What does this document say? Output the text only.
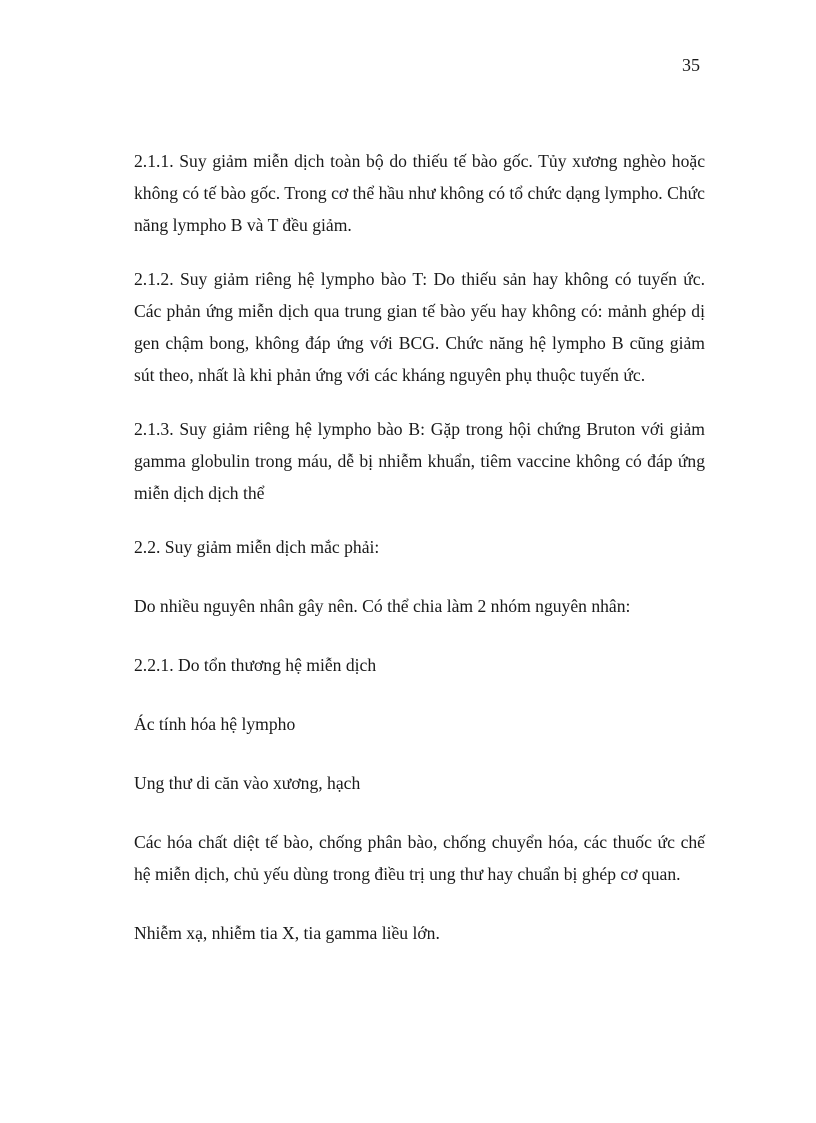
35

2.1.1. Suy giảm miễn dịch toàn bộ do thiếu tế bào gốc. Tủy xương nghèo hoặc không có tế bào gốc. Trong cơ thể hầu như không có tổ chức dạng lympho. Chức năng lympho B và T đều giảm.

2.1.2. Suy giảm riêng hệ lympho bào T: Do thiếu sản hay không có tuyến ức. Các phản ứng miễn dịch qua trung gian tế bào yếu hay không có: mảnh ghép dị gen chậm bong, không đáp ứng với BCG. Chức năng hệ lympho B cũng giảm sút theo, nhất là khi phản ứng với các kháng nguyên phụ thuộc tuyến ức.

2.1.3. Suy giảm riêng hệ lympho bào B: Gặp trong hội chứng Bruton với giảm gamma globulin trong máu, dễ bị nhiễm khuẩn, tiêm vaccine không có đáp ứng miễn dịch dịch thể

2.2. Suy giảm miễn dịch mắc phải:

Do nhiều nguyên nhân gây nên. Có thể chia làm 2 nhóm nguyên nhân:

2.2.1. Do tổn thương hệ miễn dịch

Ác tính hóa hệ lympho

Ung thư di căn vào xương, hạch

Các hóa chất diệt tế bào, chống phân bào, chống chuyển hóa, các thuốc ức chế hệ miễn dịch, chủ yếu dùng trong điều trị ung thư hay chuẩn bị ghép cơ quan.

Nhiễm xạ, nhiễm tia X, tia gamma liều lớn.
